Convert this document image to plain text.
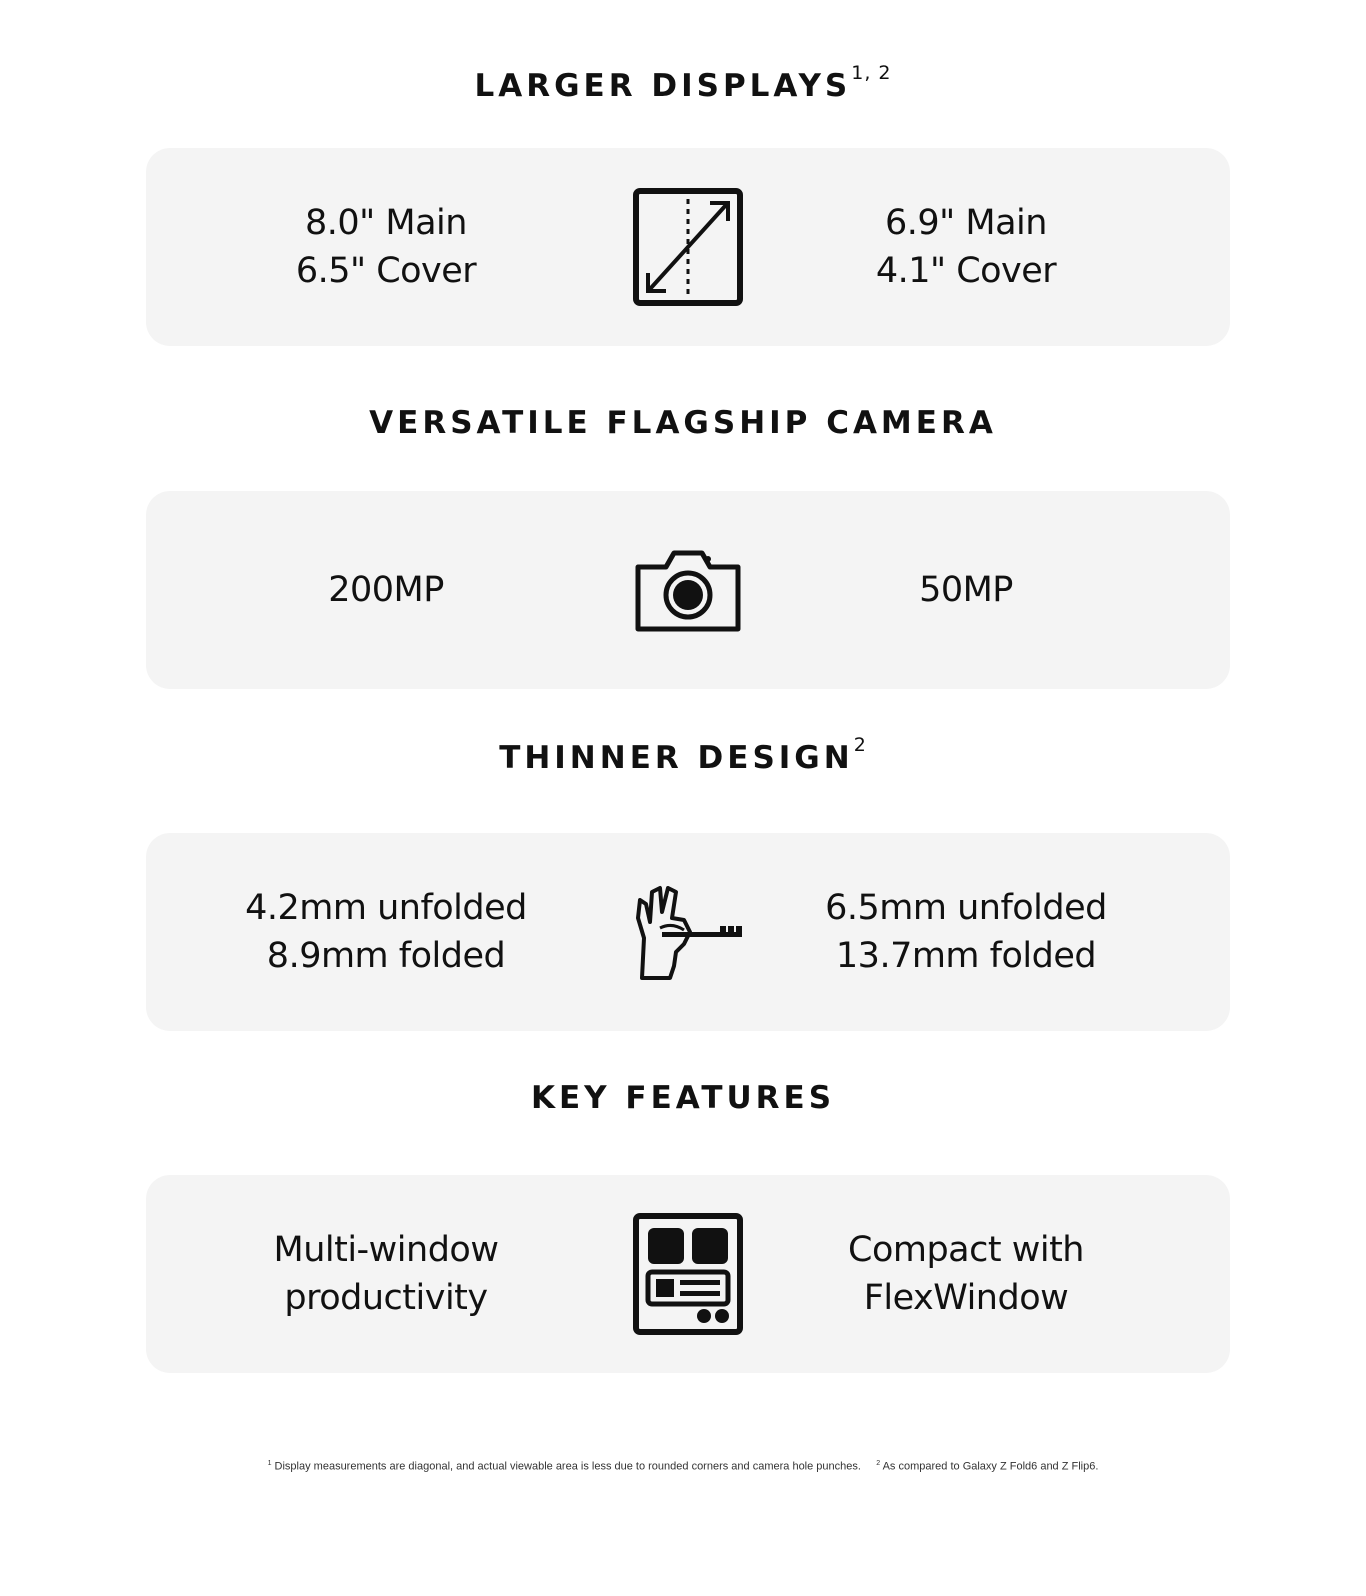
LARGER DISPLAYS$^{1, 2}$
8.0" Main
6.5" Cover
6.9" Main
4.1" Cover
VERSATILE FLAGSHIP CAMERA
200MP	50MP
THINNER DESIGN$^2$
4.2mm unfolded
8.9mm folded
6.5mm unfolded
13.7mm folded
KEY FEATURES
Multi-window
productivity
Compact with
FlexWindow
$^1$ Display measurements are diagonal, and actual viewable area is less due to rounded corners and camera hole punches. $^2$ As compared to Galaxy Z Fold6 and Z Flip6.
